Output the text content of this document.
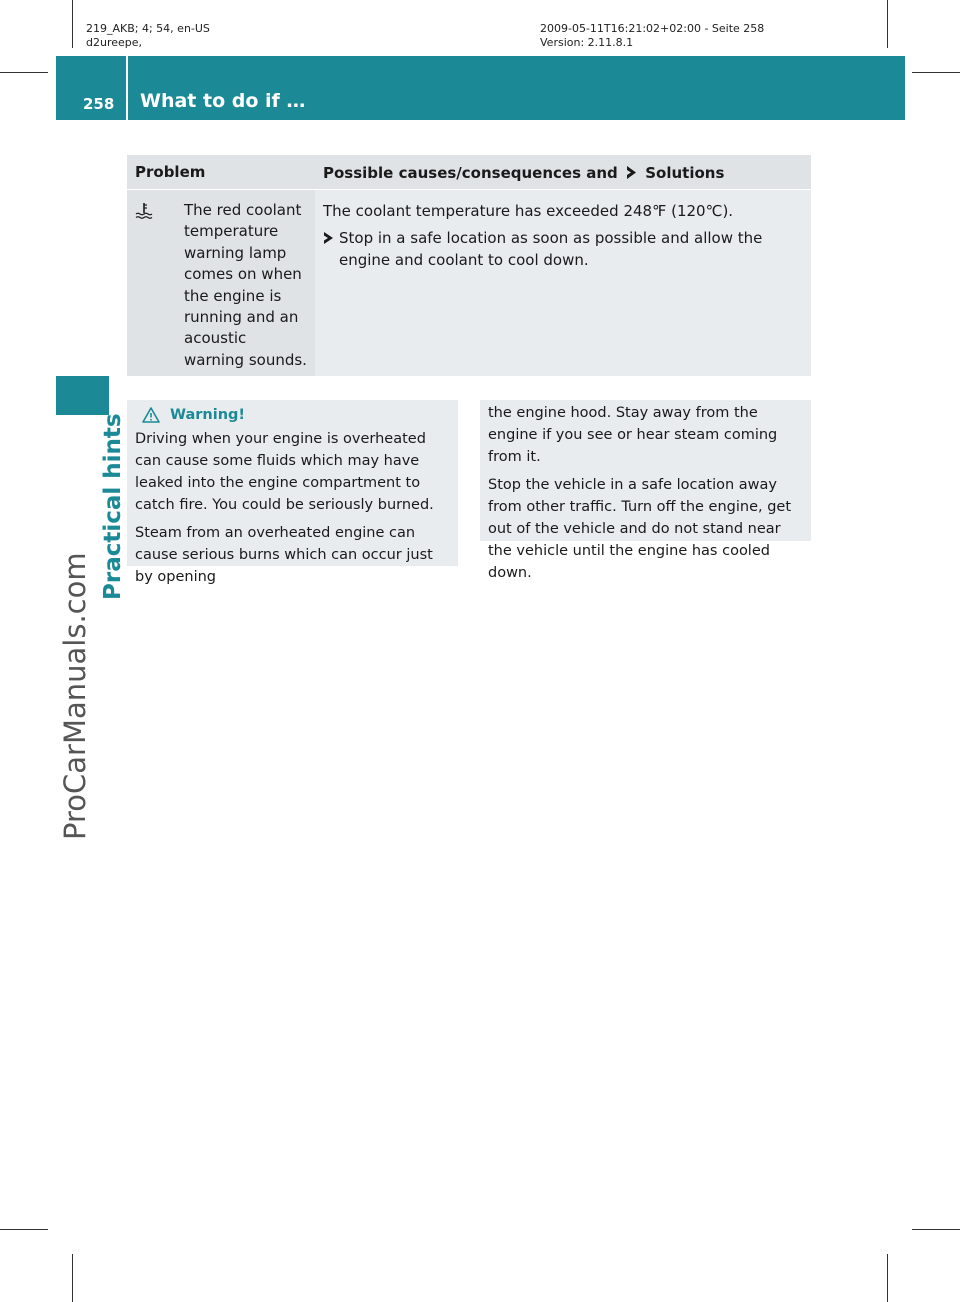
219_AKB; 4; 54, en-US
d2ureepe,
2009-05-11T16:21:02+02:00 - Seite 258
Version: 2.11.8.1
258 What to do if …
Practical hints
ProCarManuals.com
Problem	Possible causes/consequences and Solutions
The red coolant temperature warning lamp comes on when the engine is running and an acoustic warning sounds.
The coolant temperature has exceeded 248℉ (120℃).
Stop in a safe location as soon as possible and allow the engine and coolant to cool down.
Warning!

Driving when your engine is overheated can cause some fluids which may have leaked into the engine compartment to catch fire. You could be seriously burned.

Steam from an overheated engine can cause serious burns which can occur just by opening

the engine hood. Stay away from the engine if you see or hear steam coming from it.

Stop the vehicle in a safe location away from other traffic. Turn off the engine, get out of the vehicle and do not stand near the vehicle until the engine has cooled down.
